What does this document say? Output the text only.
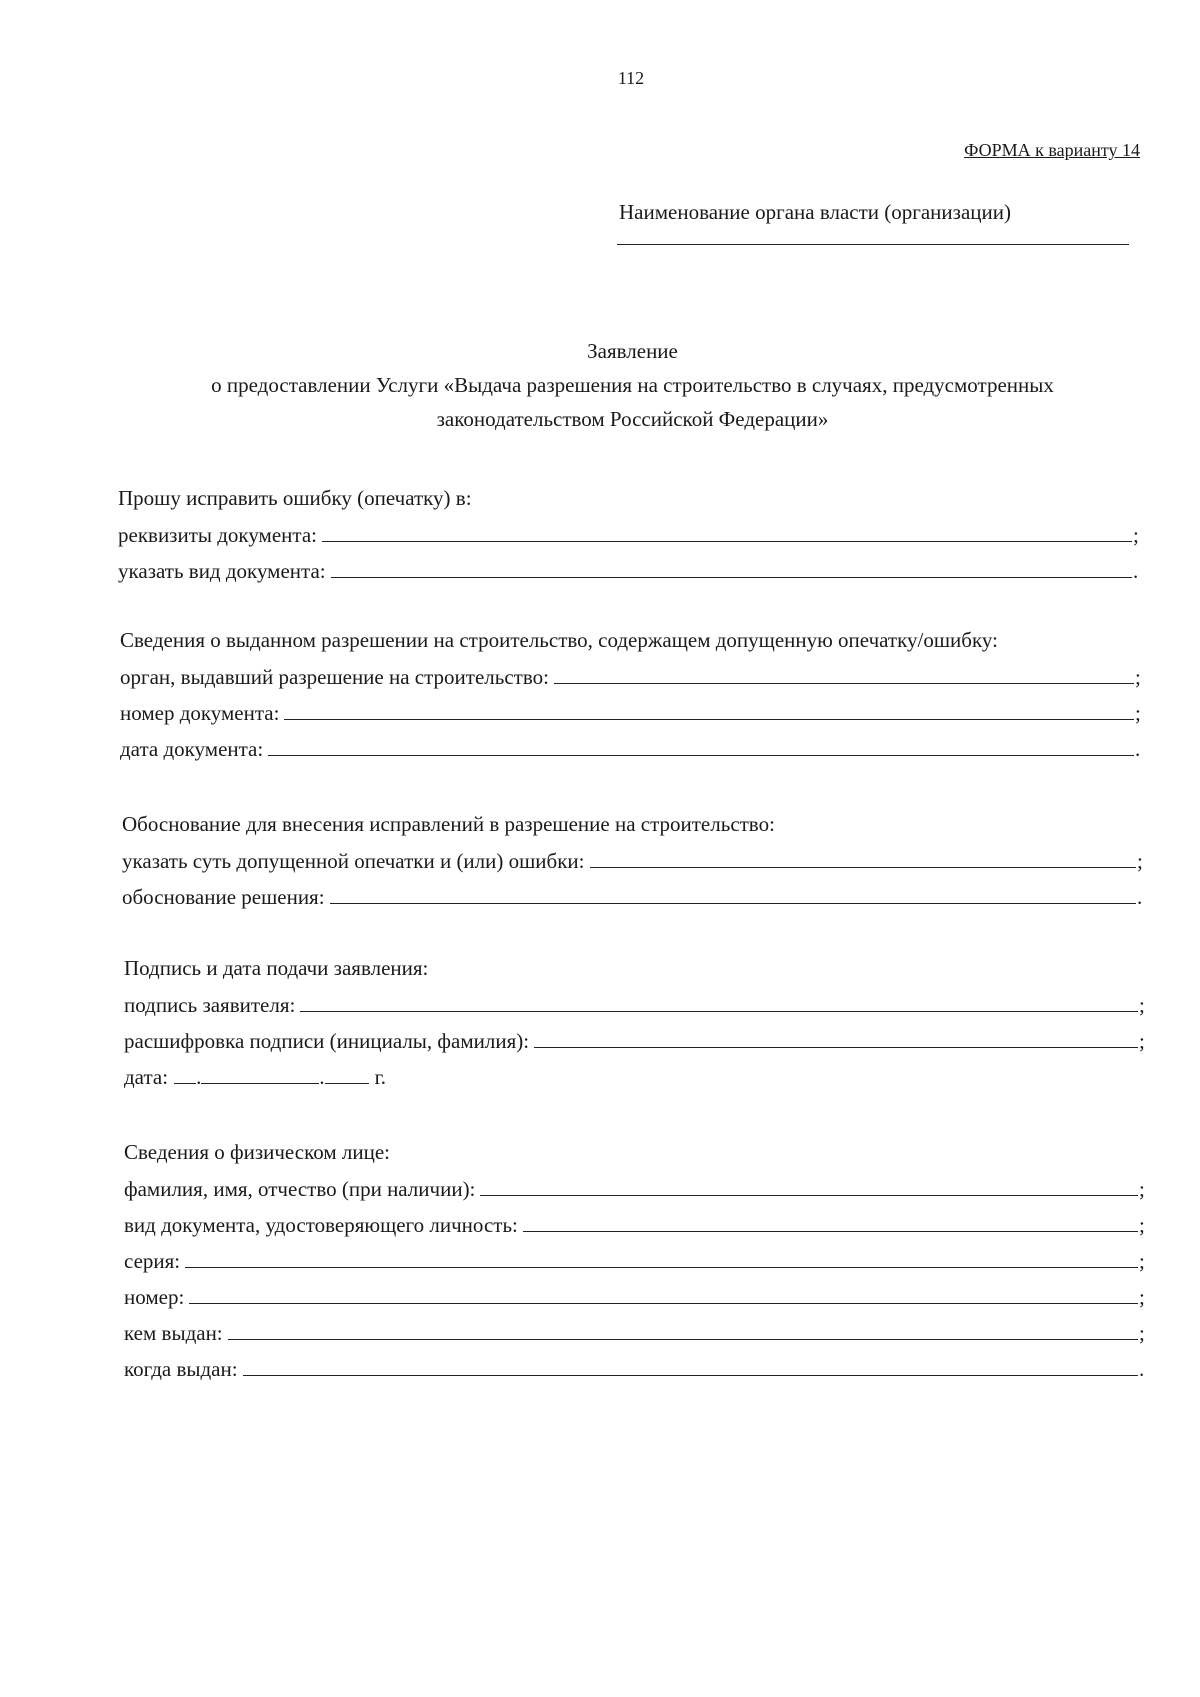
112
ФОРМА к варианту 14
Наименование органа власти (организации)
Заявление
о предоставлении Услуги «Выдача разрешения на строительство в случаях, предусмотренных
законодательством Российской Федерации»
Прошу исправить ошибку (опечатку) в:
реквизиты документа:	;
указать вид документа:	.
Сведения о выданном разрешении на строительство, содержащем допущенную опечатку/ошибку:
орган, выдавший разрешение на строительство:	;
номер документа:	;
дата документа:	.
Обоснование для внесения исправлений в разрешение на строительство:
указать суть допущенной опечатки и (или) ошибки:	;
обоснование решения:	.
Подпись и дата подачи заявления:
подпись заявителя:	;
расшифровка подписи (инициалы, фамилия):	;
дата: .	. г.
Сведения о физическом лице:
фамилия, имя, отчество (при наличии):	;
вид документа, удостоверяющего личность:	;
серия:	;
номер:	;
кем выдан:	;
когда выдан:	.
